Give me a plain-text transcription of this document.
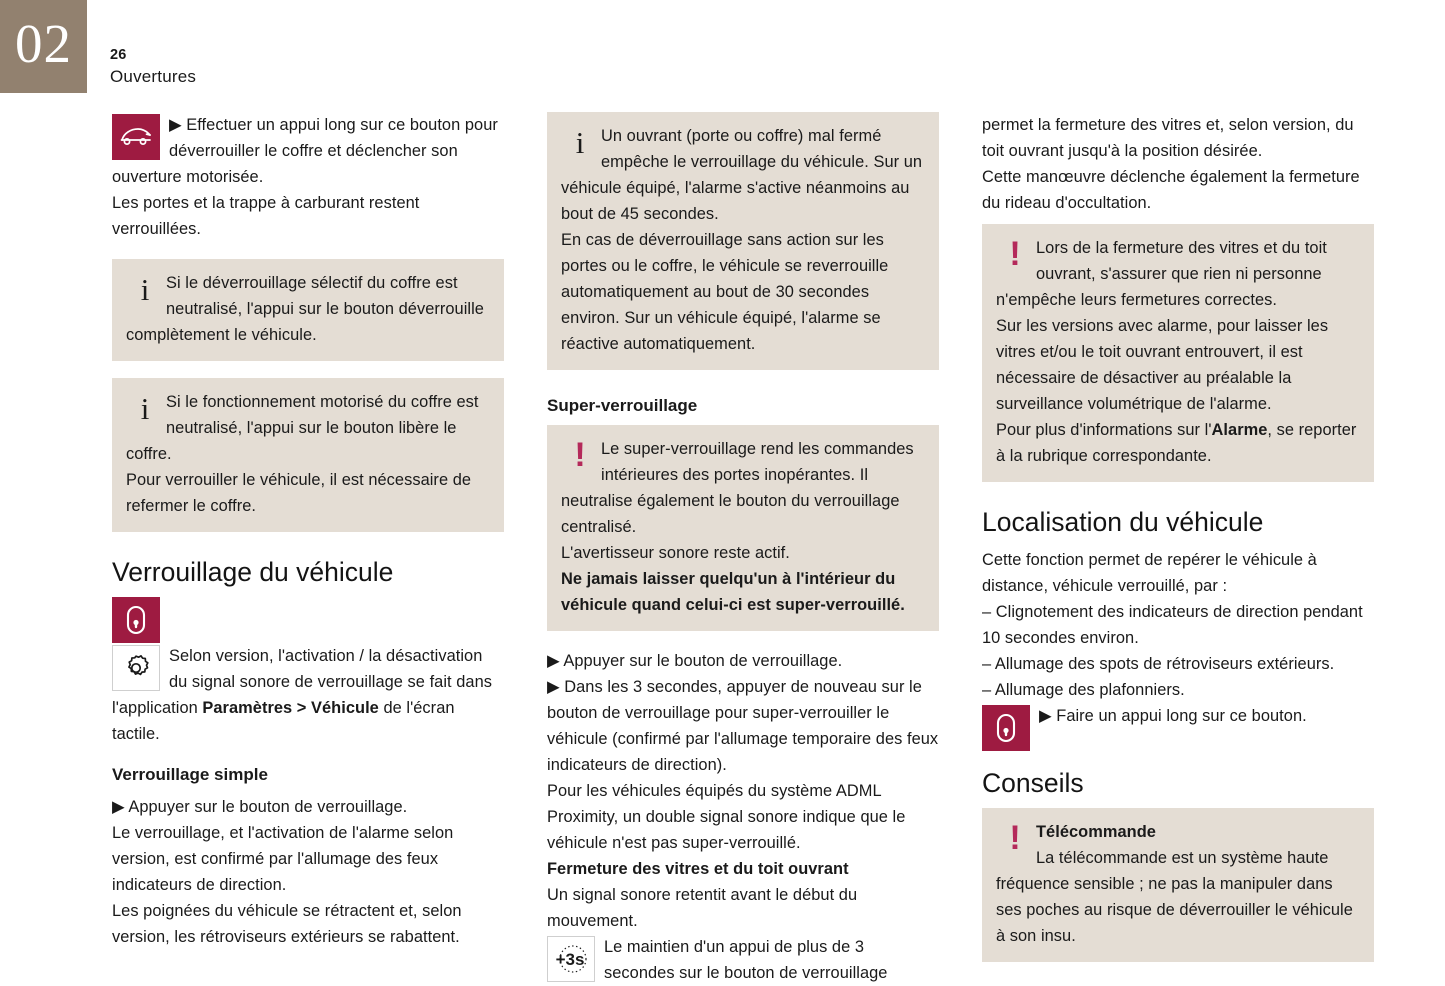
02	26
Ouvertures
▶ Effectuer un appui long sur ce bouton pour déverrouiller le coffre et déclencher son ouverture motorisée.
Les portes et la trappe à carburant restent verrouillées.
i	Si le déverrouillage sélectif du coffre est neutralisé, l'appui sur le bouton déverrouille complètement le véhicule.
i	Si le fonctionnement motorisé du coffre est neutralisé, l'appui sur le bouton libère le coffre.
Pour verrouiller le véhicule, il est nécessaire de refermer le coffre.
Verrouillage du véhicule
Selon version, l'activation / la désactivation du signal sonore de verrouillage se fait dans l'application Paramètres > Véhicule de l'écran tactile.
Verrouillage simple
▶ Appuyer sur le bouton de verrouillage.
Le verrouillage, et l'activation de l'alarme selon version, est confirmé par l'allumage des feux indicateurs de direction.
Les poignées du véhicule se rétractent et, selon version, les rétroviseurs extérieurs se rabattent.
i	Un ouvrant (porte ou coffre) mal fermé empêche le verrouillage du véhicule. Sur un véhicule équipé, l'alarme s'active néanmoins au bout de 45 secondes.
En cas de déverrouillage sans action sur les portes ou le coffre, le véhicule se reverrouille automatiquement au bout de 30 secondes environ. Sur un véhicule équipé, l'alarme se réactive automatiquement.
Super-verrouillage
! Le super-verrouillage rend les commandes intérieures des portes inopérantes. Il neutralise également le bouton du verrouillage centralisé.
L'avertisseur sonore reste actif.
Ne jamais laisser quelqu'un à l'intérieur du véhicule quand celui-ci est super-verrouillé.
▶ Appuyer sur le bouton de verrouillage.
▶ Dans les 3 secondes, appuyer de nouveau sur le bouton de verrouillage pour super-verrouiller le véhicule (confirmé par l'allumage temporaire des feux indicateurs de direction).
Pour les véhicules équipés du système ADML Proximity, un double signal sonore indique que le véhicule n'est pas super-verrouillé.
Fermeture des vitres et du toit ouvrant
Un signal sonore retentit avant le début du mouvement.
+3s
Le maintien d'un appui de plus de 3 secondes sur le bouton de verrouillage
permet la fermeture des vitres et, selon version, du toit ouvrant jusqu'à la position désirée.
Cette manœuvre déclenche également la fermeture du rideau d'occultation.
! Lors de la fermeture des vitres et du toit ouvrant, s'assurer que rien ni personne n'empêche leurs fermetures correctes.
Sur les versions avec alarme, pour laisser les vitres et/ou le toit ouvrant entrouvert, il est nécessaire de désactiver au préalable la surveillance volumétrique de l'alarme.
Pour plus d'informations sur l'Alarme, se reporter à la rubrique correspondante.
Localisation du véhicule
Cette fonction permet de repérer le véhicule à distance, véhicule verrouillé, par :
– Clignotement des indicateurs de direction pendant 10 secondes environ.
– Allumage des spots de rétroviseurs extérieurs.
– Allumage des plafonniers.
▶ Faire un appui long sur ce bouton.
Conseils
! Télécommande
La télécommande est un système haute fréquence sensible ; ne pas la manipuler dans ses poches au risque de déverrouiller le véhicule à son insu.
